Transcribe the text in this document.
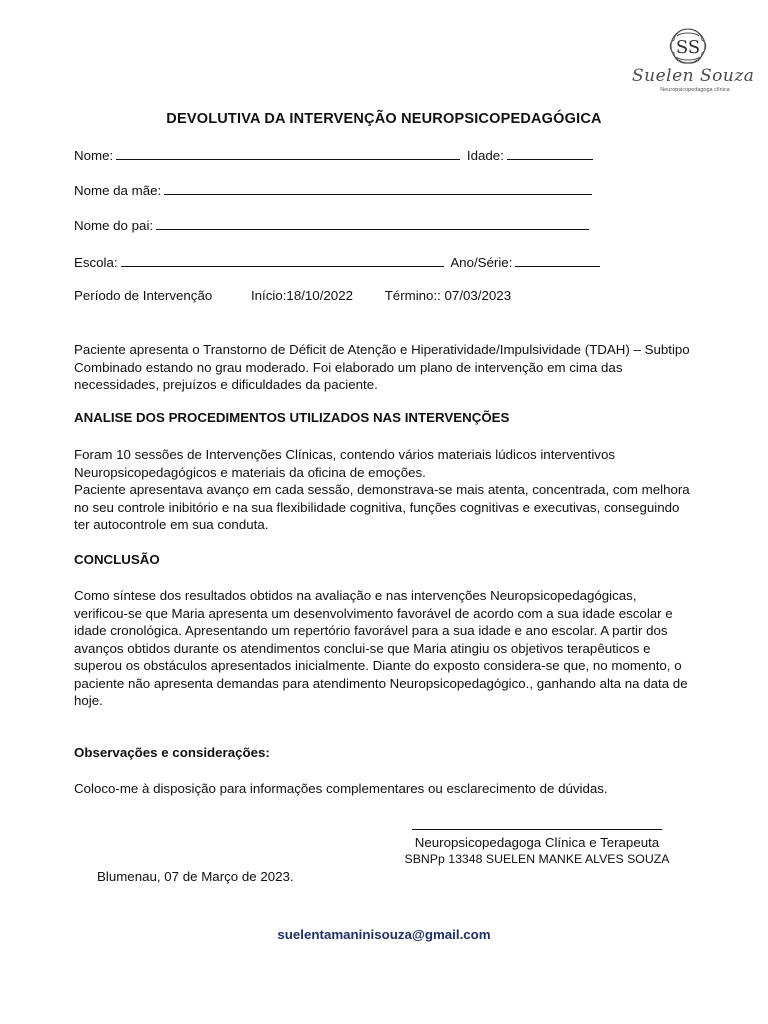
SS
Suelen Souza
Neuropsicopedagoga clínica
DEVOLUTIVA DA INTERVENÇÃO NEUROPSICOPEDAGÓGICA
Nome:	Idade:
Nome da mãe:
Nome do pai:
Escola:	Ano/Série:
Período de Intervenção	Início:18/10/2022 Término:: 07/03/2023

Paciente apresenta o Transtorno de Déficit de Atenção e Hiperatividade/Impulsividade (TDAH) – Subtipo Combinado estando no grau moderado. Foi elaborado um plano de intervenção em cima das necessidades, prejuízos e dificuldades da paciente.

ANALISE DOS PROCEDIMENTOS UTILIZADOS NAS INTERVENÇÕES

Foram 10 sessões de Intervenções Clínicas, contendo vários materiais lúdicos interventivos Neuropsicopedagógicos e materiais da oficina de emoções.

Paciente apresentava avanço em cada sessão, demonstrava-se mais atenta, concentrada, com melhora no seu controle inibitório e na sua flexibilidade cognitiva, funções cognitivas e executivas, conseguindo ter autocontrole em sua conduta.

CONCLUSÃO

Como síntese dos resultados obtidos na avaliação e nas intervenções Neuropsicopedagógicas, verificou-se que Maria apresenta um desenvolvimento favorável de acordo com a sua idade escolar e idade cronológica. Apresentando um repertório favorável para a sua idade e ano escolar. A partir dos avanços obtidos durante os atendimentos conclui-se que Maria atingiu os objetivos terapêuticos e superou os obstáculos apresentados inicialmente. Diante do exposto considera-se que, no momento, o paciente não apresenta demandas para atendimento Neuropsicopedagógico., ganhando alta na data de hoje.

Observações e considerações:
Coloco-me à disposição para informações complementares ou esclarecimento de dúvidas.
Neuropsicopedagoga Clínica e Terapeuta
SBNPp 13348 SUELEN MANKE ALVES SOUZA
Blumenau, 07 de Março de 2023.
suelentamaninisouza@gmail.com
